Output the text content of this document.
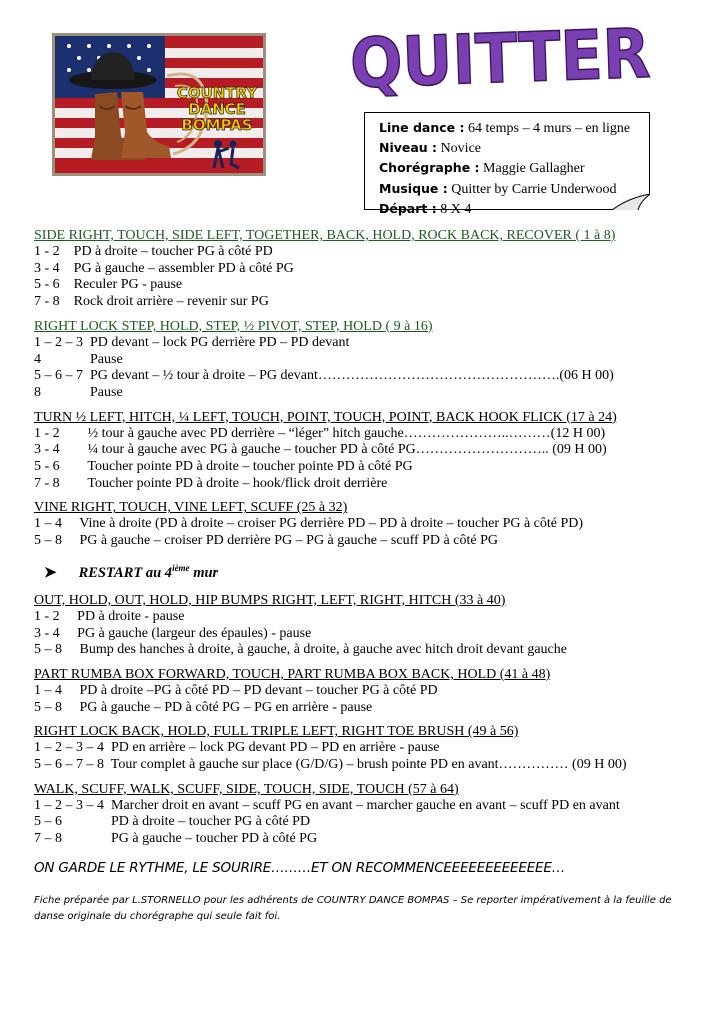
COUNTRY
DANCE
BOMPAS
QUITTER
Line dance : 64 temps – 4 murs – en ligne
Niveau : Novice
Chorégraphe : Maggie Gallagher
Musique : Quitter by Carrie Underwood
Départ : 8 X 4
SIDE RIGHT, TOUCH, SIDE LEFT, TOGETHER, BACK, HOLD, ROCK BACK, RECOVER ( 1 à 8)
1 - 2    PD à droite – toucher PG à côté PD
3 - 4    PG à gauche – assembler PD à côté PG
5 - 6    Reculer PG - pause
7 - 8    Rock droit arrière – revenir sur PG
RIGHT LOCK STEP, HOLD, STEP, ½ PIVOT, STEP, HOLD ( 9 à 16)
1 – 2 – 3  PD devant – lock PG derrière PD – PD devant
4              Pause
5 – 6 – 7  PG devant – ½ tour à droite – PG devant…………………………………………….(06 H 00)
8              Pause
TURN ½ LEFT, HITCH, ¼ LEFT, TOUCH, POINT, TOUCH, POINT, BACK HOOK FLICK (17 à 24)
1 - 2        ½ tour à gauche avec PD derrière – “léger” hitch gauche…………………..………(12 H 00)
3 - 4        ¼ tour à gauche avec PG à gauche – toucher PD à côté PG……………………….. (09 H 00)
5 - 6        Toucher pointe PD à droite – toucher pointe PD à côté PG
7 - 8        Toucher pointe PD à droite – hook/flick droit derrière
VINE RIGHT, TOUCH, VINE LEFT, SCUFF (25 à 32)
1 – 4     Vine à droite (PD à droite – croiser PG derrière PD – PD à droite – toucher PG à côté PD)
5 – 8     PG à gauche – croiser PD derrière PG – PG à gauche – scuff PD à côté PG
➤ RESTART au 4ième mur
OUT, HOLD, OUT, HOLD, HIP BUMPS RIGHT, LEFT, RIGHT, HITCH (33 à 40)
1 - 2     PD à droite - pause
3 - 4     PG à gauche (largeur des épaules) - pause
5 – 8     Bump des hanches à droite, à gauche, à droite, à gauche avec hitch droit devant gauche
PART RUMBA BOX FORWARD, TOUCH, PART RUMBA BOX BACK, HOLD (41 à 48)
1 – 4     PD à droite –PG à côté PD – PD devant – toucher PG à côté PD
5 – 8     PG à gauche – PD à côté PG – PG en arrière - pause
RIGHT LOCK BACK, HOLD, FULL TRIPLE LEFT, RIGHT TOE BRUSH (49 à 56)
1 – 2 – 3 – 4  PD en arrière – lock PG devant PD – PD en arrière - pause
5 – 6 – 7 – 8  Tour complet à gauche sur place (G/D/G) – brush pointe PD en avant…………… (09 H 00)
WALK, SCUFF, WALK, SCUFF, SIDE, TOUCH, SIDE, TOUCH (57 à 64)
1 – 2 – 3 – 4  Marcher droit en avant – scuff PG en avant – marcher gauche en avant – scuff PD en avant
5 – 6              PD à droite – toucher PG à côté PD
7 – 8              PG à gauche – toucher PD à côté PG
ON GARDE LE RYTHME, LE SOURIRE………ET ON RECOMMENCEEEEEEEEEEEEE…
Fiche préparée par L.STORNELLO pour les adhérents de COUNTRY DANCE BOMPAS – Se reporter impérativement à la feuille de danse originale du chorégraphe qui seule fait foi.
